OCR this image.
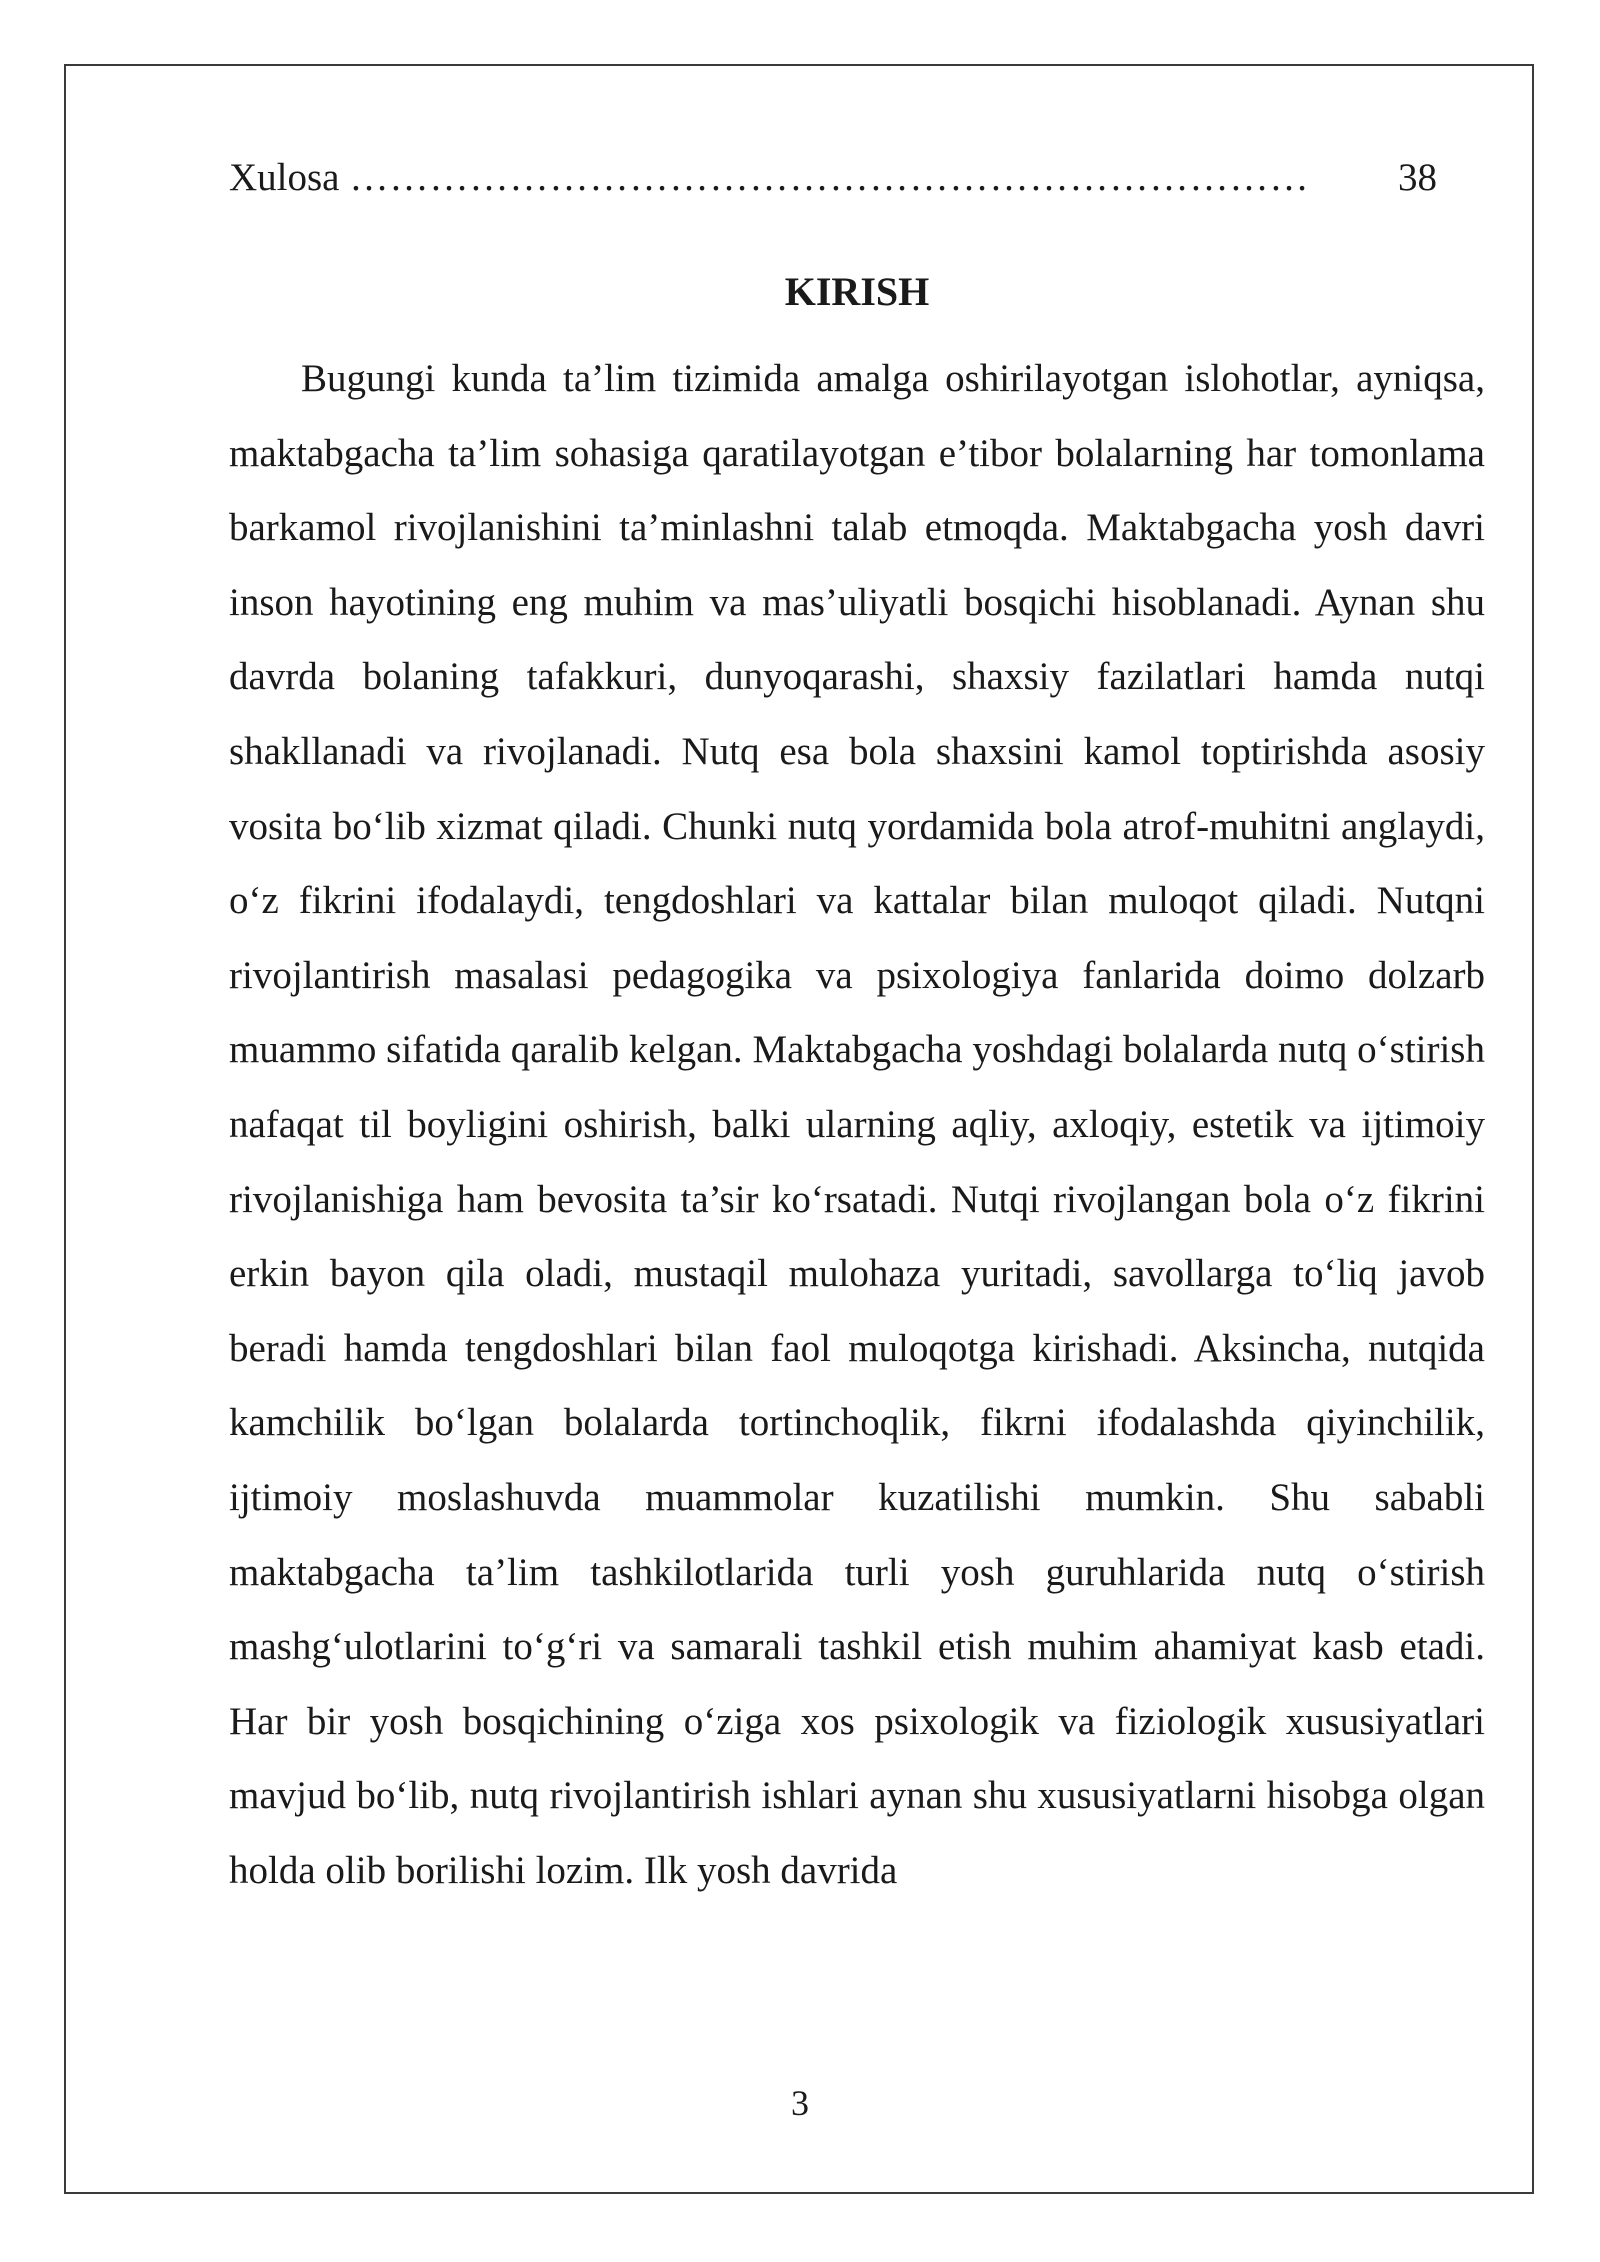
Xulosa ………………………………………………………………	38
KIRISH

Bugungi kunda ta’lim tizimida amalga oshirilayotgan islohotlar, ayniqsa, maktabgacha ta’lim sohasiga qaratilayotgan e’tibor bolalarning har tomonlama barkamol rivojlanishini ta’minlashni talab etmoqda. Maktabgacha yosh davri inson hayotining eng muhim va mas’uliyatli bosqichi hisoblanadi. Aynan shu davrda bolaning tafakkuri, dunyoqarashi, shaxsiy fazilatlari hamda nutqi shakllanadi va rivojlanadi. Nutq esa bola shaxsini kamol toptirishda asosiy vosita bo‘lib xizmat qiladi. Chunki nutq yordamida bola atrof-muhitni anglaydi, o‘z fikrini ifodalaydi, tengdoshlari va kattalar bilan muloqot qiladi. Nutqni rivojlantirish masalasi pedagogika va psixologiya fanlarida doimo dolzarb muammo sifatida qaralib kelgan. Maktabgacha yoshdagi bolalarda nutq o‘stirish nafaqat til boyligini oshirish, balki ularning aqliy, axloqiy, estetik va ijtimoiy rivojlanishiga ham bevosita ta’sir ko‘rsatadi. Nutqi rivojlangan bola o‘z fikrini erkin bayon qila oladi, mustaqil mulohaza yuritadi, savollarga to‘liq javob beradi hamda tengdoshlari bilan faol muloqotga kirishadi. Aksincha, nutqida kamchilik bo‘lgan bolalarda tortinchoqlik, fikrni ifodalashda qiyinchilik, ijtimoiy moslashuvda muammolar kuzatilishi mumkin. Shu sababli maktabgacha ta’lim tashkilotlarida turli yosh guruhlarida nutq o‘stirish mashg‘ulotlarini to‘g‘ri va samarali tashkil etish muhim ahamiyat kasb etadi. Har bir yosh bosqichining o‘ziga xos psixologik va fiziologik xususiyatlari mavjud bo‘lib, nutq rivojlantirish ishlari aynan shu xususiyatlarni hisobga olgan holda olib borilishi lozim. Ilk yosh davrida

3
